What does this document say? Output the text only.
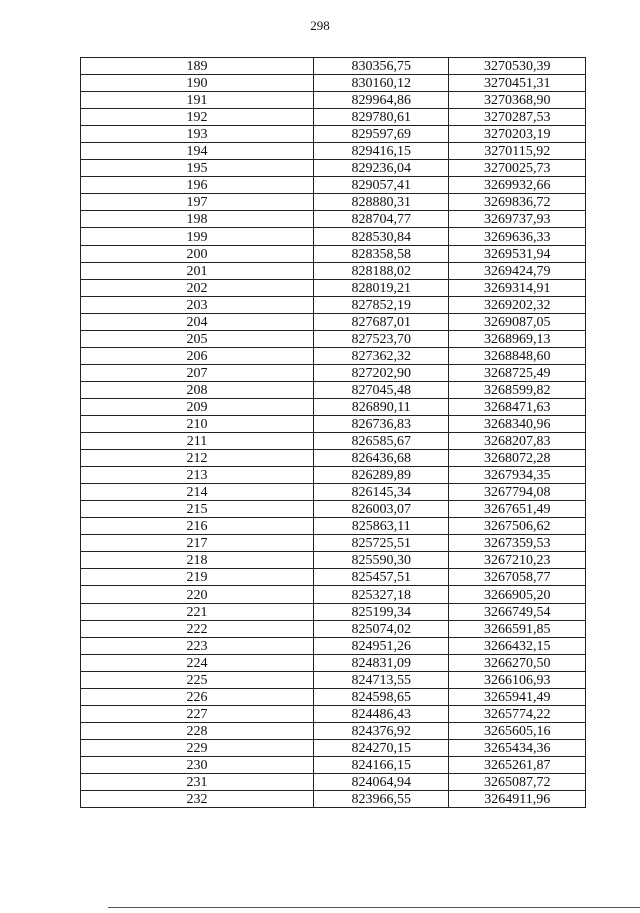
298
189	830356,75	3270530,39
190	830160,12	3270451,31
191	829964,86	3270368,90
192	829780,61	3270287,53
193	829597,69	3270203,19
194	829416,15	3270115,92
195	829236,04	3270025,73
196	829057,41	3269932,66
197	828880,31	3269836,72
198	828704,77	3269737,93
199	828530,84	3269636,33
200	828358,58	3269531,94
201	828188,02	3269424,79
202	828019,21	3269314,91
203	827852,19	3269202,32
204	827687,01	3269087,05
205	827523,70	3268969,13
206	827362,32	3268848,60
207	827202,90	3268725,49
208	827045,48	3268599,82
209	826890,11	3268471,63
210	826736,83	3268340,96
211	826585,67	3268207,83
212	826436,68	3268072,28
213	826289,89	3267934,35
214	826145,34	3267794,08
215	826003,07	3267651,49
216	825863,11	3267506,62
217	825725,51	3267359,53
218	825590,30	3267210,23
219	825457,51	3267058,77
220	825327,18	3266905,20
221	825199,34	3266749,54
222	825074,02	3266591,85
223	824951,26	3266432,15
224	824831,09	3266270,50
225	824713,55	3266106,93
226	824598,65	3265941,49
227	824486,43	3265774,22
228	824376,92	3265605,16
229	824270,15	3265434,36
230	824166,15	3265261,87
231	824064,94	3265087,72
232	823966,55	3264911,96
